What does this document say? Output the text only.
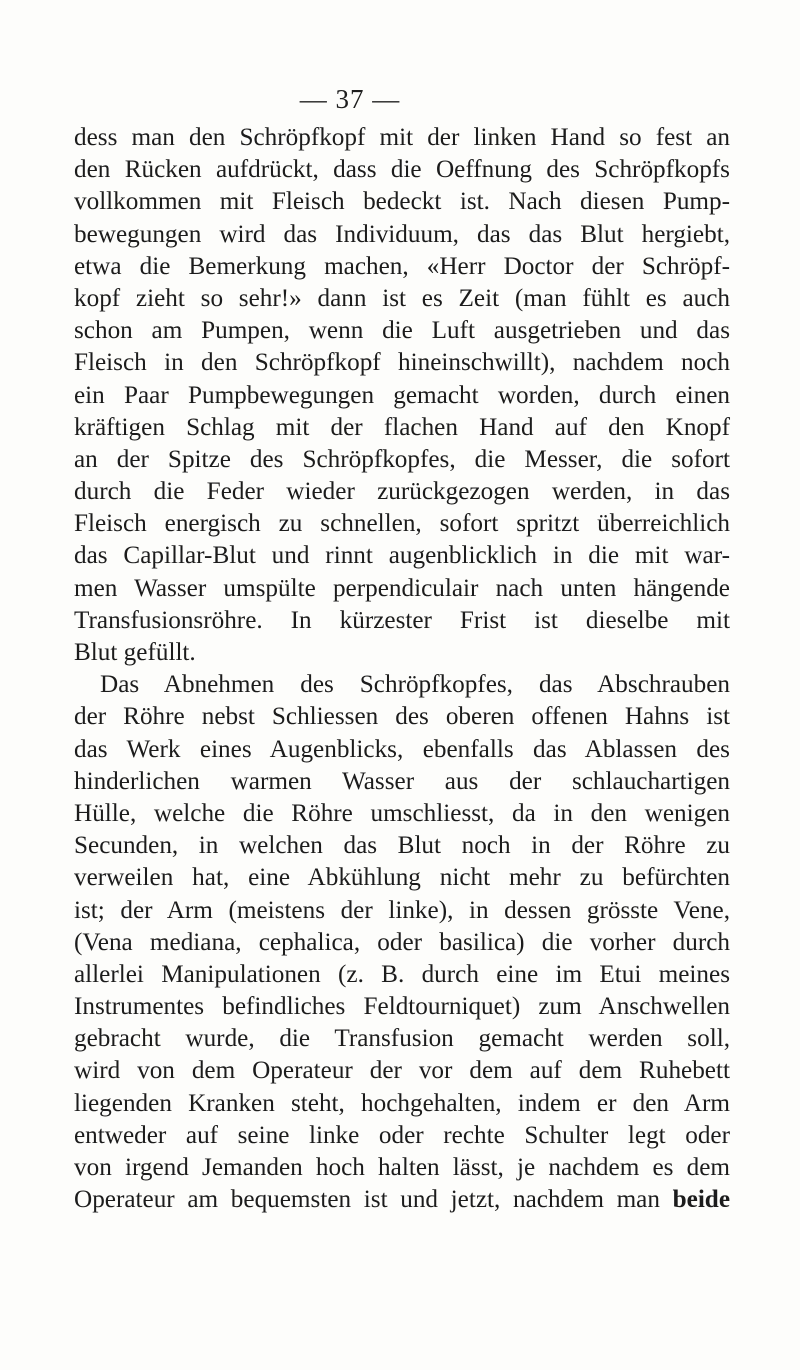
— 37 —
dess man den Schröpfkopf mit der linken Hand so fest an
den Rücken aufdrückt, dass die Oeffnung des Schröpfkopfs
vollkommen mit Fleisch bedeckt ist. Nach diesen Pump-
bewegungen wird das Individuum, das das Blut hergiebt,
etwa die Bemerkung machen, «Herr Doctor der Schröpf-
kopf zieht so sehr!» dann ist es Zeit (man fühlt es auch
schon am Pumpen, wenn die Luft ausgetrieben und das
Fleisch in den Schröpfkopf hineinschwillt), nachdem noch
ein Paar Pumpbewegungen gemacht worden, durch einen
kräftigen Schlag mit der flachen Hand auf den Knopf
an der Spitze des Schröpfkopfes, die Messer, die sofort
durch die Feder wieder zurückgezogen werden, in das
Fleisch energisch zu schnellen, sofort spritzt überreichlich
das Capillar-Blut und rinnt augenblicklich in die mit war-
men Wasser umspülte perpendiculair nach unten hängende
Transfusionsröhre. In kürzester Frist ist dieselbe mit
Blut gefüllt.
Das Abnehmen des Schröpfkopfes, das Abschrauben
der Röhre nebst Schliessen des oberen offenen Hahns ist
das Werk eines Augenblicks, ebenfalls das Ablassen des
hinderlichen warmen Wasser aus der schlauchartigen
Hülle, welche die Röhre umschliesst, da in den wenigen
Secunden, in welchen das Blut noch in der Röhre zu
verweilen hat, eine Abkühlung nicht mehr zu befürchten
ist; der Arm (meistens der linke), in dessen grösste Vene,
(Vena mediana, cephalica, oder basilica) die vorher durch
allerlei Manipulationen (z. B. durch eine im Etui meines
Instrumentes befindliches Feldtourniquet) zum Anschwellen
gebracht wurde, die Transfusion gemacht werden soll,
wird von dem Operateur der vor dem auf dem Ruhebett
liegenden Kranken steht, hochgehalten, indem er den Arm
entweder auf seine linke oder rechte Schulter legt oder
von irgend Jemanden hoch halten lässt, je nachdem es dem
Operateur am bequemsten ist und jetzt, nachdem man beide
